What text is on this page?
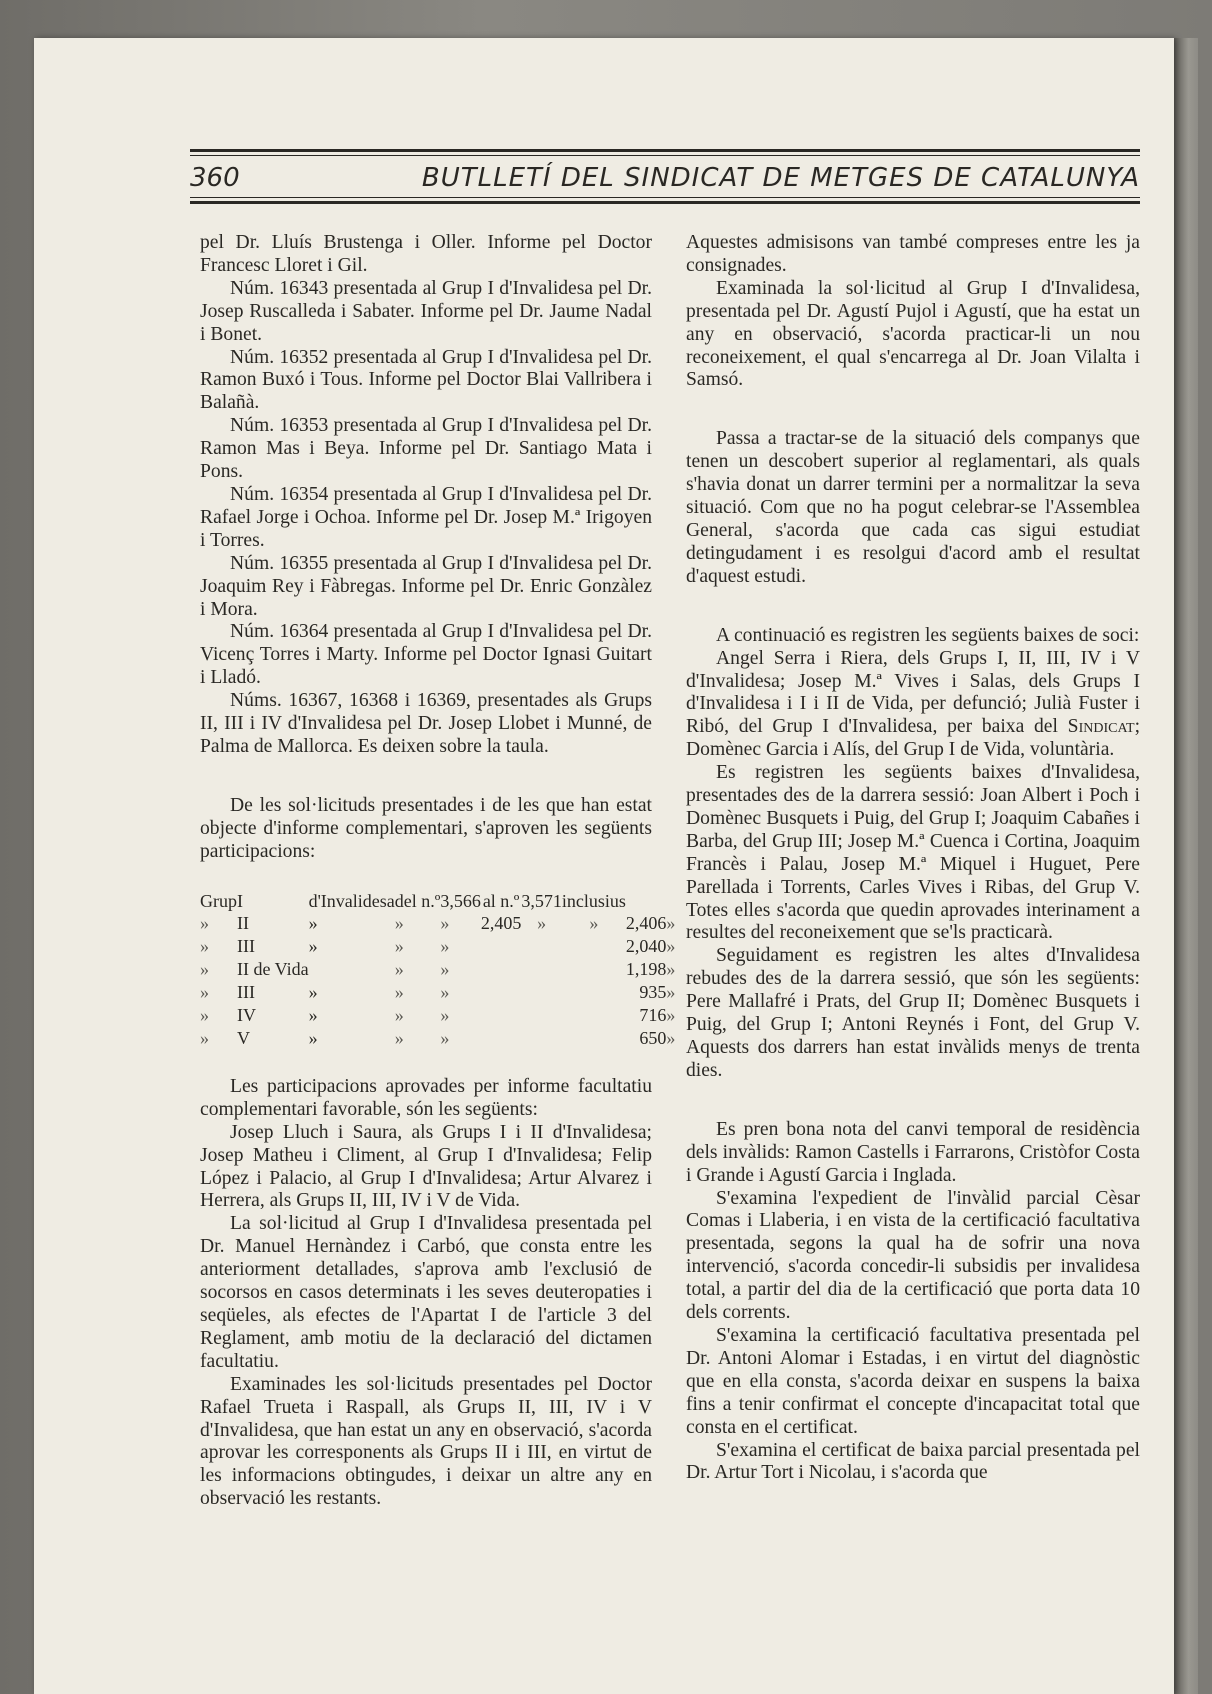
360	BUTLLETÍ DEL SINDICAT DE METGES DE CATALUNYA

pel Dr. Lluís Brustenga i Oller. Informe pel Doctor Francesc Lloret i Gil.

Núm. 16343 presentada al Grup I d'Invalidesa pel Dr. Josep Ruscalleda i Sabater. Informe pel Dr. Jaume Nadal i Bonet.

Núm. 16352 presentada al Grup I d'Invalidesa pel Dr. Ramon Buxó i Tous. Informe pel Doctor Blai Vallribera i Balañà.

Núm. 16353 presentada al Grup I d'Invalidesa pel Dr. Ramon Mas i Beya. Informe pel Dr. Santiago Mata i Pons.

Núm. 16354 presentada al Grup I d'Invalidesa pel Dr. Rafael Jorge i Ochoa. Informe pel Dr. Josep M.ª Irigoyen i Torres.

Núm. 16355 presentada al Grup I d'Invalidesa pel Dr. Joaquim Rey i Fàbregas. Informe pel Dr. Enric Gonzàlez i Mora.

Núm. 16364 presentada al Grup I d'Invalidesa pel Dr. Vicenç Torres i Marty. Informe pel Doctor Ignasi Guitart i Lladó.

Núms. 16367, 16368 i 16369, presentades als Grups II, III i IV d'Invalidesa pel Dr. Josep Llobet i Munné, de Palma de Mallorca. Es deixen sobre la taula.

De les sol·licituds presentades i de les que han estat objecte d'informe complementari, s'aproven les següents participacions:

Grup	I	d'Invalidesa	del n.º	3,566	al n.º	3,571	inclusius		
»	II	»	»	»	2,405	»	»	2,406	»
»	III	»	»	»				2,040	»
»	II de Vida		»	»				1,198	»
»	III	»	»	»				935	»
»	IV	»	»	»				716	»
»	V	»	»	»				650	»

Les participacions aprovades per informe facultatiu complementari favorable, són les següents:

Josep Lluch i Saura, als Grups I i II d'Invalidesa; Josep Matheu i Climent, al Grup I d'Invalidesa; Felip López i Palacio, al Grup I d'Invalidesa; Artur Alvarez i Herrera, als Grups II, III, IV i V de Vida.

La sol·licitud al Grup I d'Invalidesa presentada pel Dr. Manuel Hernàndez i Carbó, que consta entre les anteriorment detallades, s'aprova amb l'exclusió de socorsos en casos determinats i les seves deuteropaties i seqüeles, als efectes de l'Apartat I de l'article 3 del Reglament, amb motiu de la declaració del dictamen facultatiu.

Examinades les sol·licituds presentades pel Doctor Rafael Trueta i Raspall, als Grups II, III, IV i V d'Invalidesa, que han estat un any en observació, s'acorda aprovar les corresponents als Grups II i III, en virtut de les informacions obtingudes, i deixar un altre any en observació les restants.

Aquestes admisisons van també compreses entre les ja consignades.

Examinada la sol·licitud al Grup I d'Invalidesa, presentada pel Dr. Agustí Pujol i Agustí, que ha estat un any en observació, s'acorda practicar-li un nou reconeixement, el qual s'encarrega al Dr. Joan Vilalta i Samsó.

Passa a tractar-se de la situació dels companys que tenen un descobert superior al reglamentari, als quals s'havia donat un darrer termini per a normalitzar la seva situació. Com que no ha pogut celebrar-se l'Assemblea General, s'acorda que cada cas sigui estudiat detingudament i es resolgui d'acord amb el resultat d'aquest estudi.

A continuació es registren les següents baixes de soci:

Angel Serra i Riera, dels Grups I, II, III, IV i V d'Invalidesa; Josep M.ª Vives i Salas, dels Grups I d'Invalidesa i I i II de Vida, per defunció; Julià Fuster i Ribó, del Grup I d'Invalidesa, per baixa del Sindicat; Domènec Garcia i Alís, del Grup I de Vida, voluntària.

Es registren les següents baixes d'Invalidesa, presentades des de la darrera sessió: Joan Albert i Poch i Domènec Busquets i Puig, del Grup I; Joaquim Cabañes i Barba, del Grup III; Josep M.ª Cuenca i Cortina, Joaquim Francès i Palau, Josep M.ª Miquel i Huguet, Pere Parellada i Torrents, Carles Vives i Ribas, del Grup V. Totes elles s'acorda que quedin aprovades interinament a resultes del reconeixement que se'ls practicarà.

Seguidament es registren les altes d'Invalidesa rebudes des de la darrera sessió, que són les següents: Pere Mallafré i Prats, del Grup II; Domènec Busquets i Puig, del Grup I; Antoni Reynés i Font, del Grup V. Aquests dos darrers han estat invàlids menys de trenta dies.

Es pren bona nota del canvi temporal de residència dels invàlids: Ramon Castells i Farrarons, Cristòfor Costa i Grande i Agustí Garcia i Inglada.

S'examina l'expedient de l'invàlid parcial Cèsar Comas i Llaberia, i en vista de la certificació facultativa presentada, segons la qual ha de sofrir una nova intervenció, s'acorda concedir-li subsidis per invalidesa total, a partir del dia de la certificació que porta data 10 dels corrents.

S'examina la certificació facultativa presentada pel Dr. Antoni Alomar i Estadas, i en virtut del diagnòstic que en ella consta, s'acorda deixar en suspens la baixa fins a tenir confirmat el concepte d'incapacitat total que consta en el certificat.

S'examina el certificat de baixa parcial presentada pel Dr. Artur Tort i Nicolau, i s'acorda que
